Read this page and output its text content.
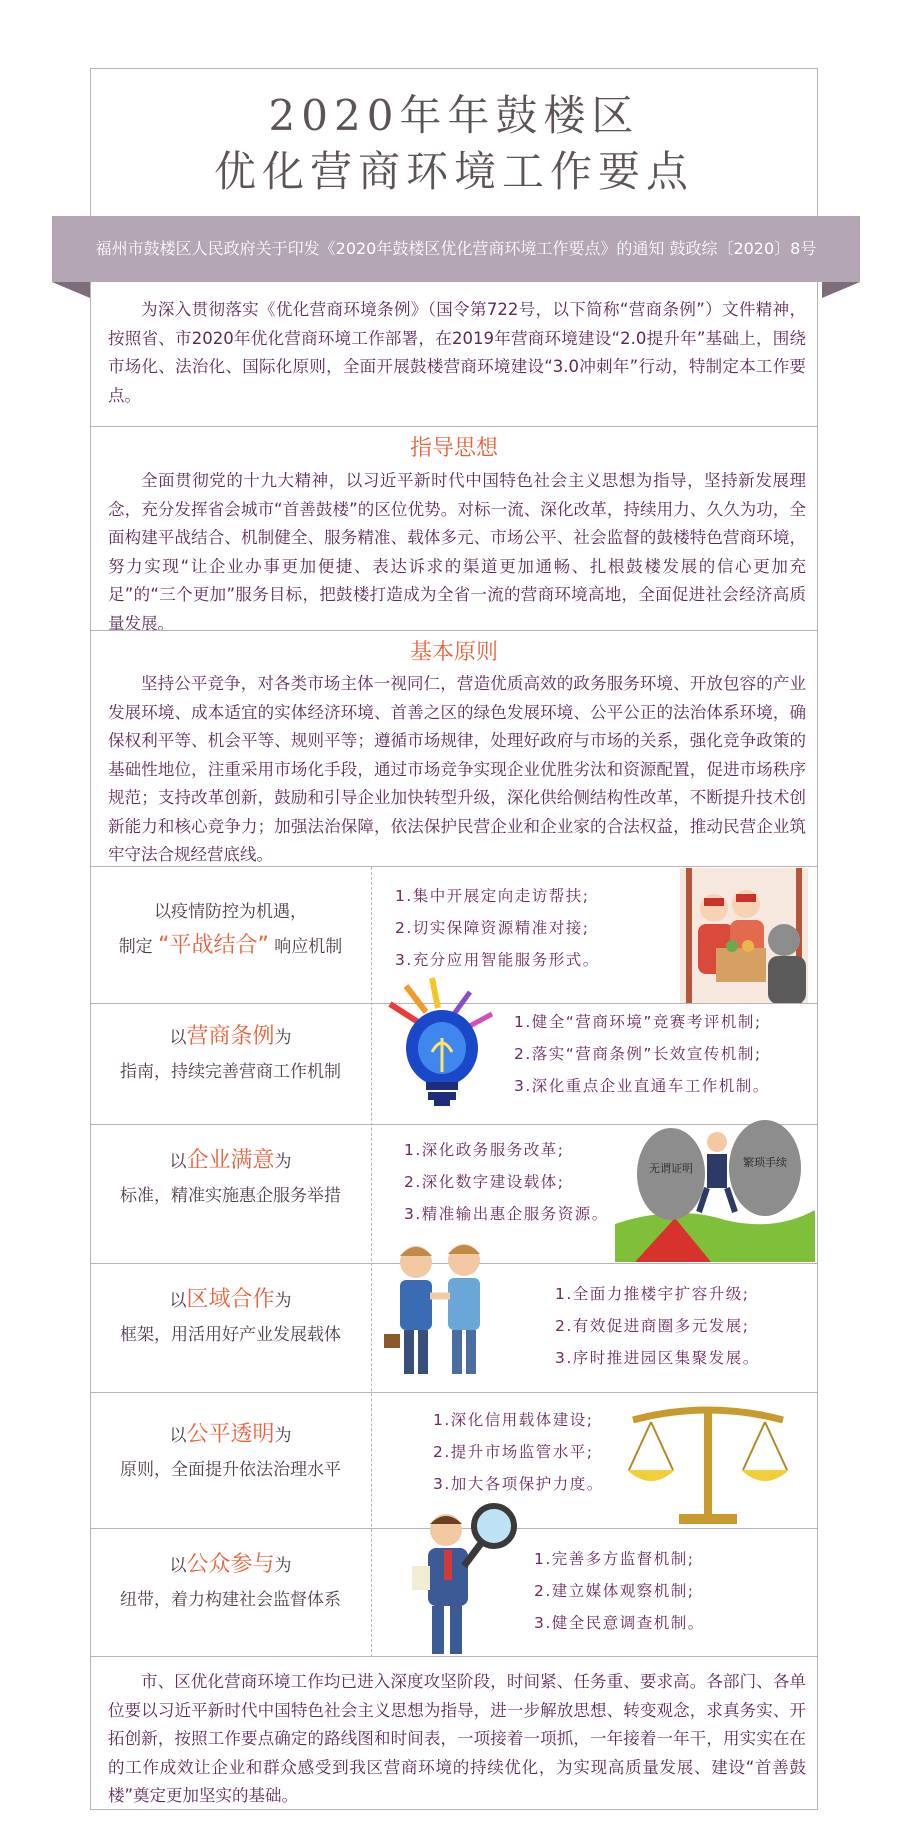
2020年年鼓楼区
优化营商环境工作要点
福州市鼓楼区人民政府关于印发《2020年鼓楼区优化营商环境工作要点》的通知 鼓政综〔2020〕8号

为深入贯彻落实《优化营商环境条例》（国令第722号，以下简称“营商条例”）文件精神，按照省、市2020年优化营商环境工作部署，在2019年营商环境建设“2.0提升年”基础上，围绕市场化、法治化、国际化原则，全面开展鼓楼营商环境建设“3.0冲刺年”行动，特制定本工作要点。

指导思想

全面贯彻党的十九大精神，以习近平新时代中国特色社会主义思想为指导，坚持新发展理念，充分发挥省会城市“首善鼓楼”的区位优势。对标一流、深化改革，持续用力、久久为功，全面构建平战结合、机制健全、服务精准、载体多元、市场公平、社会监督的鼓楼特色营商环境，努力实现“让企业办事更加便捷、表达诉求的渠道更加通畅、扎根鼓楼发展的信心更加充足”的“三个更加”服务目标，把鼓楼打造成为全省一流的营商环境高地，全面促进社会经济高质量发展。

基本原则

坚持公平竞争，对各类市场主体一视同仁，营造优质高效的政务服务环境、开放包容的产业发展环境、成本适宜的实体经济环境、首善之区的绿色发展环境、公平公正的法治体系环境，确保权利平等、机会平等、规则平等；遵循市场规律，处理好政府与市场的关系，强化竞争政策的基础性地位，注重采用市场化手段，通过市场竞争实现企业优胜劣汰和资源配置，促进市场秩序规范；支持改革创新，鼓励和引导企业加快转型升级，深化供给侧结构性改革，不断提升技术创新能力和核心竞争力；加强法治保障，依法保护民营企业和企业家的合法权益，推动民营企业筑牢守法合规经营底线。

以疫情防控为机遇，
制定 “平战结合” 响应机制
1.集中开展定向走访帮扶;
2.切实保障资源精准对接;
3.充分应用智能服务形式。
以营商条例为
指南，持续完善营商工作机制
1.健全“营商环境”竞赛考评机制;
2.落实“营商条例”长效宣传机制;
3.深化重点企业直通车工作机制。
以企业满意为
标准，精准实施惠企服务举措
1.深化政务服务改革;
2.深化数字建设载体;
3.精准输出惠企服务资源。
无谓证明	繁琐手续
以区域合作为
框架，用活用好产业发展载体
1.全面力推楼宇扩容升级;
2.有效促进商圈多元发展;
3.序时推进园区集聚发展。
以公平透明为
原则，全面提升依法治理水平
1.深化信用载体建设;
2.提升市场监管水平;
3.加大各项保护力度。
以公众参与为
纽带，着力构建社会监督体系
1.完善多方监督机制;
2.建立媒体观察机制;
3.健全民意调查机制。

市、区优化营商环境工作均已进入深度攻坚阶段，时间紧、任务重、要求高。各部门、各单位要以习近平新时代中国特色社会主义思想为指导，进一步解放思想、转变观念，求真务实、开拓创新，按照工作要点确定的路线图和时间表，一项接着一项抓，一年接着一年干，用实实在在的工作成效让企业和群众感受到我区营商环境的持续优化，为实现高质量发展、建设“首善鼓楼”奠定更加坚实的基础。
